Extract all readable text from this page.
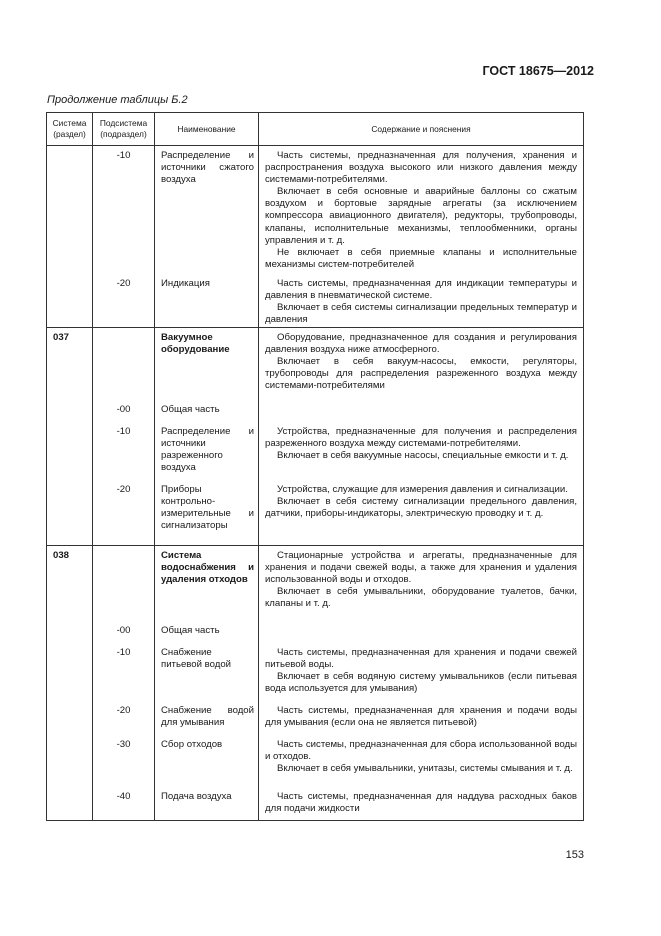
ГОСТ 18675—2012
Продолжение таблицы Б.2
Система (раздел)	Подсистема (подраздел)	Наименование	Содержание и пояснения
	-10	Распределение и источники сжатого воздуха	Часть системы, предназначенная для получения, хранения и распространения воздуха высокого или низкого давления между системами-потребителями.
Включает в себя основные и аварийные баллоны со сжатым воздухом и бортовые зарядные агрегаты (за исключением компрессора авиационного двигателя), редукторы, трубопроводы, клапаны, исполнительные механизмы, теплообменники, органы управления и т. д.
Не включает в себя приемные клапаны и исполнительные механизмы систем-потребителей

	-20	Индикация	Часть системы, предназначенная для индикации температуры и давления в пневматической системе.
Включает в себя системы сигнализации предельных температур и давления

037		Вакуумное оборудование	Оборудование, предназначенное для создания и регулирования давления воздуха ниже атмосферного.
Включает в себя вакуум-насосы, емкости, регуляторы, трубопроводы для распределения разреженного воздуха между системами-потребителями

	-00	Общая часть	
	-10	Распределение и источники разреженного воздуха	Устройства, предназначенные для получения и распределения разреженного воздуха между системами-потребителями.
Включает в себя вакуумные насосы, специальные емкости и т. д.

	-20	Приборы контрольно-измерительные и сигнализаторы	Устройства, служащие для измерения давления и сигнализации.
Включает в себя систему сигнализации предельного давления, датчики, приборы-индикаторы, электрическую проводку и т. д.

038		Система водоснабжения и удаления отходов	Стационарные устройства и агрегаты, предназначенные для хранения и подачи свежей воды, а также для хранения и удаления использованной воды и отходов.
Включает в себя умывальники, оборудование туалетов, бачки, клапаны и т. д.

	-00	Общая часть	
	-10	Снабжение питьевой водой	Часть системы, предназначенная для хранения и подачи свежей питьевой воды.
Включает в себя водяную систему умывальников (если питьевая вода используется для умывания)

	-20	Снабжение водой для умывания	Часть системы, предназначенная для хранения и подачи воды для умывания (если она не является питьевой)

	-30	Сбор отходов	Часть системы, предназначенная для сбора использованной воды и отходов.
Включает в себя умывальники, унитазы, системы смывания и т. д.

	-40	Подача воздуха	Часть системы, предназначенная для наддува расходных баков для подачи жидкости
153
